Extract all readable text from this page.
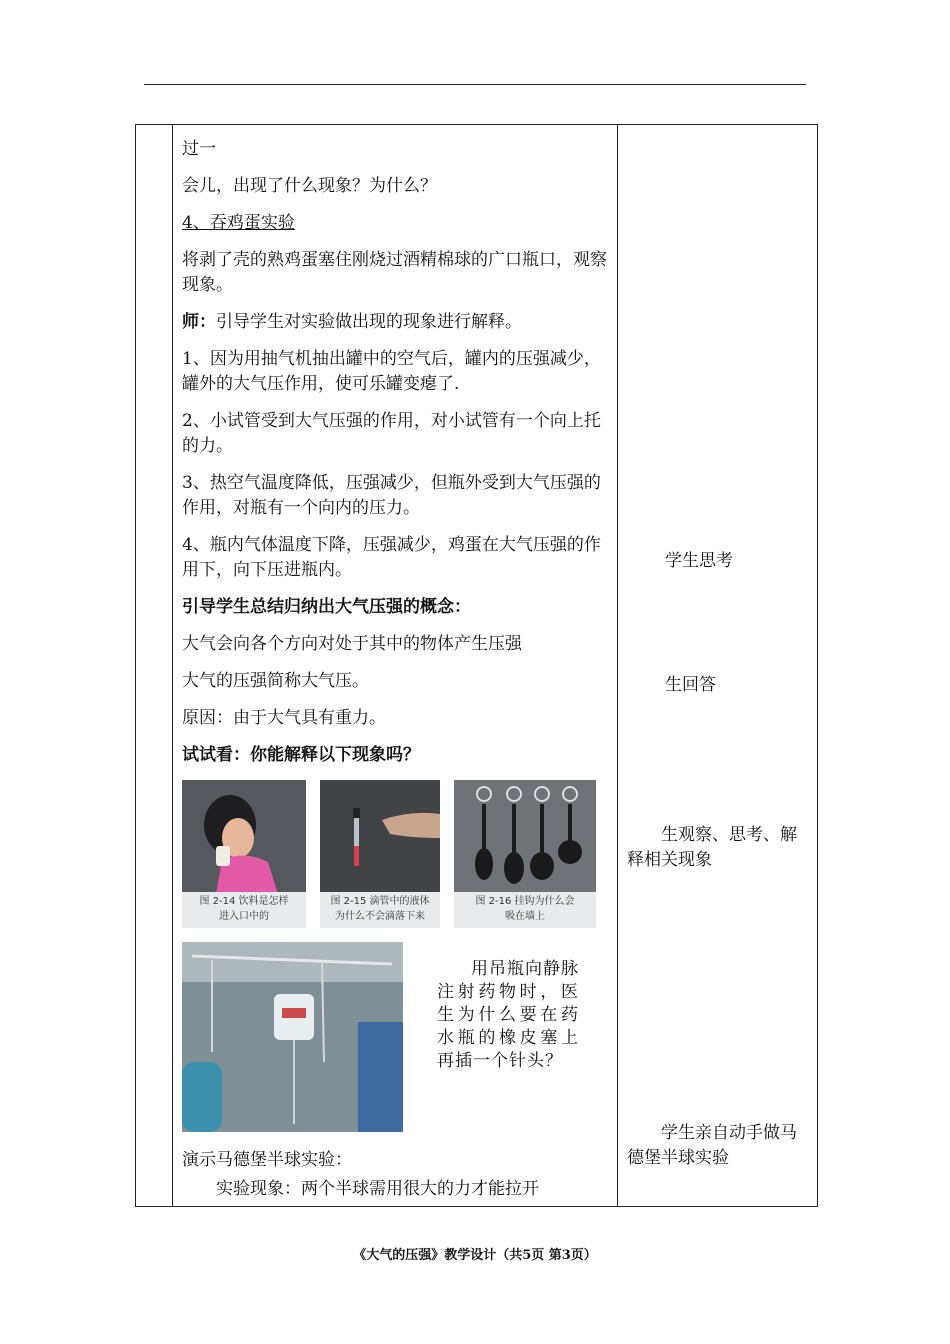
过一

会儿，出现了什么现象？为什么？

4、吞鸡蛋实验

将剥了壳的熟鸡蛋塞住刚烧过酒精棉球的广口瓶口，观察现象。

师：引导学生对实验做出现的现象进行解释。

1、因为用抽气机抽出罐中的空气后，罐内的压强减少，罐外的大气压作用，使可乐罐变瘪了.

2、小试管受到大气压强的作用，对小试管有一个向上托的力。

3、热空气温度降低，压强减少，但瓶外受到大气压强的作用，对瓶有一个向内的压力。

4、瓶内气体温度下降，压强减少，鸡蛋在大气压强的作用下，向下压进瓶内。

引导学生总结归纳出大气压强的概念：

大气会向各个方向对处于其中的物体产生压强

大气的压强简称大气压。

原因：由于大气具有重力。

试试看：你能解释以下现象吗？

图 2-14 饮料是怎样
进入口中的
图 2-15 滴管中的液体
为什么不会滴落下来
图 2-16 挂钩为什么会
吸在墙上
用吊瓶向静脉注射药物时，医生为什么要在药水瓶的橡皮塞上再插一个针头？

演示马德堡半球实验：

实验现象：两个半球需用很大的力才能拉开

学生思考
生回答
生观察、思考、解释相关现象
学生亲自动手做马德堡半球实验
《大气的压强》教学设计（共5页 第3页）
